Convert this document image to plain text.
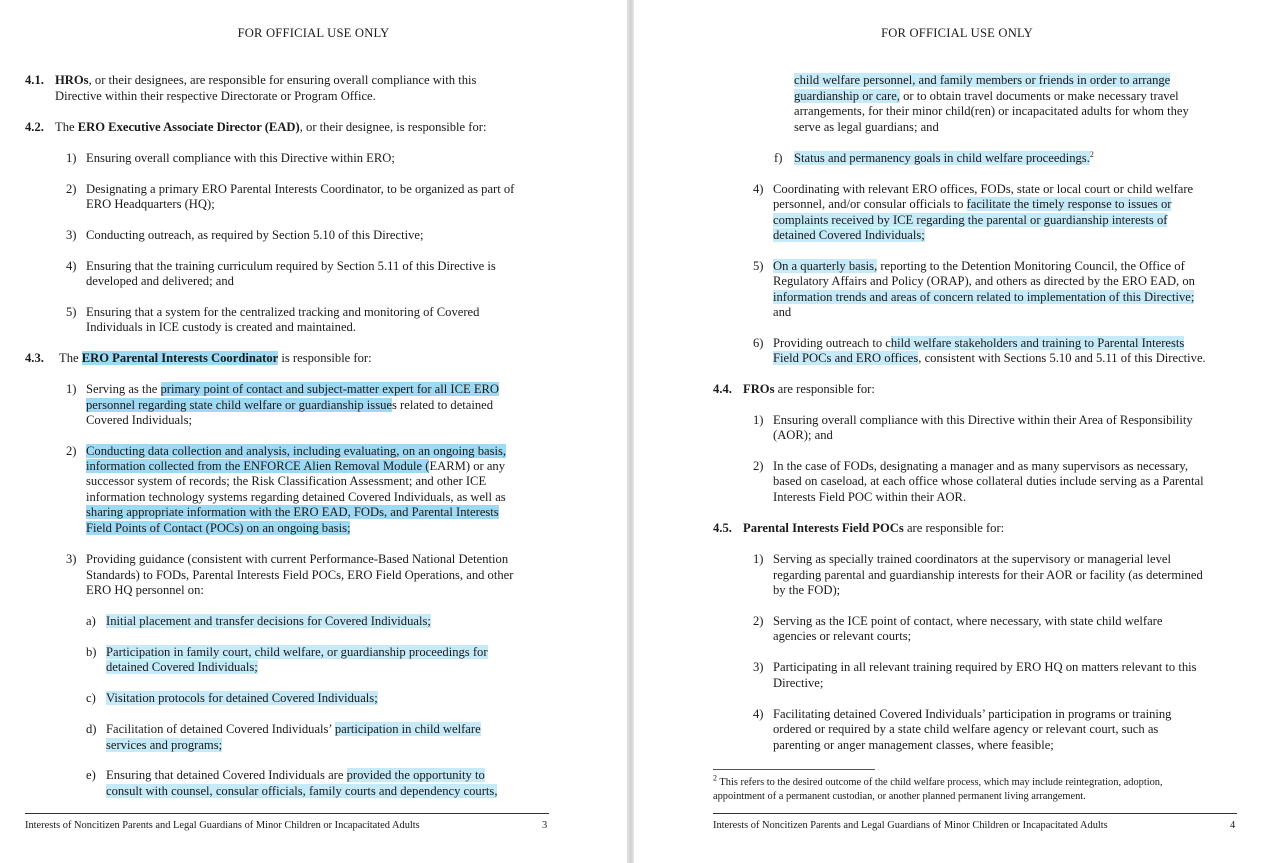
FOR OFFICIAL USE ONLY
4.1. HROs, or their designees, are responsible for ensuring overall compliance with this
Directive within their respective Directorate or Program Office.
4.2. The ERO Executive Associate Director (EAD), or their designee, is responsible for:
1) Ensuring overall compliance with this Directive within ERO;
2) Designating a primary ERO Parental Interests Coordinator, to be organized as part of
ERO Headquarters (HQ);
3) Conducting outreach, as required by Section 5.10 of this Directive;
4) Ensuring that the training curriculum required by Section 5.11 of this Directive is
developed and delivered; and
5) Ensuring that a system for the centralized tracking and monitoring of Covered
Individuals in ICE custody is created and maintained.
4.3. The ERO Parental Interests Coordinator is responsible for:
1) Serving as the primary point of contact and subject-matter expert for all ICE ERO
personnel regarding state child welfare or guardianship issues related to detained
Covered Individuals;
2) Conducting data collection and analysis, including evaluating, on an ongoing basis,
information collected from the ENFORCE Alien Removal Module (EARM) or any
successor system of records; the Risk Classification Assessment; and other ICE
information technology systems regarding detained Covered Individuals, as well as
sharing appropriate information with the ERO EAD, FODs, and Parental Interests
Field Points of Contact (POCs) on an ongoing basis;
3) Providing guidance (consistent with current Performance-Based National Detention
Standards) to FODs, Parental Interests Field POCs, ERO Field Operations, and other
ERO HQ personnel on:
a) Initial placement and transfer decisions for Covered Individuals;
b) Participation in family court, child welfare, or guardianship proceedings for
detained Covered Individuals;
c) Visitation protocols for detained Covered Individuals;
d) Facilitation of detained Covered Individuals’ participation in child welfare
services and programs;
e) Ensuring that detained Covered Individuals are provided the opportunity to
consult with counsel, consular officials, family courts and dependency courts,
Interests of Noncitizen Parents and Legal Guardians of Minor Children or Incapacitated Adults	3
FOR OFFICIAL USE ONLY
child welfare personnel, and family members or friends in order to arrange
guardianship or care, or to obtain travel documents or make necessary travel
arrangements, for their minor child(ren) or incapacitated adults for whom they
serve as legal guardians; and
f) Status and permanency goals in child welfare proceedings.$^2$
4) Coordinating with relevant ERO offices, FODs, state or local court or child welfare
personnel, and/or consular officials to facilitate the timely response to issues or
complaints received by ICE regarding the parental or guardianship interests of
detained Covered Individuals;
5) On a quarterly basis, reporting to the Detention Monitoring Council, the Office of
Regulatory Affairs and Policy (ORAP), and others as directed by the ERO EAD, on
information trends and areas of concern related to implementation of this Directive;
and
6) Providing outreach to child welfare stakeholders and training to Parental Interests
Field POCs and ERO offices, consistent with Sections 5.10 and 5.11 of this Directive.
4.4. FROs are responsible for:
1) Ensuring overall compliance with this Directive within their Area of Responsibility
(AOR); and
2) In the case of FODs, designating a manager and as many supervisors as necessary,
based on caseload, at each office whose collateral duties include serving as a Parental
Interests Field POC within their AOR.
4.5. Parental Interests Field POCs are responsible for:
1) Serving as specially trained coordinators at the supervisory or managerial level
regarding parental and guardianship interests for their AOR or facility (as determined
by the FOD);
2) Serving as the ICE point of contact, where necessary, with state child welfare
agencies or relevant courts;
3) Participating in all relevant training required by ERO HQ on matters relevant to this
Directive;
4) Facilitating detained Covered Individuals’ participation in programs or training
ordered or required by a state child welfare agency or relevant court, such as
parenting or anger management classes, where feasible;
$^2$ This refers to the desired outcome of the child welfare process, which may include reintegration, adoption,
appointment of a permanent custodian, or another planned permanent living arrangement.
Interests of Noncitizen Parents and Legal Guardians of Minor Children or Incapacitated Adults	4
